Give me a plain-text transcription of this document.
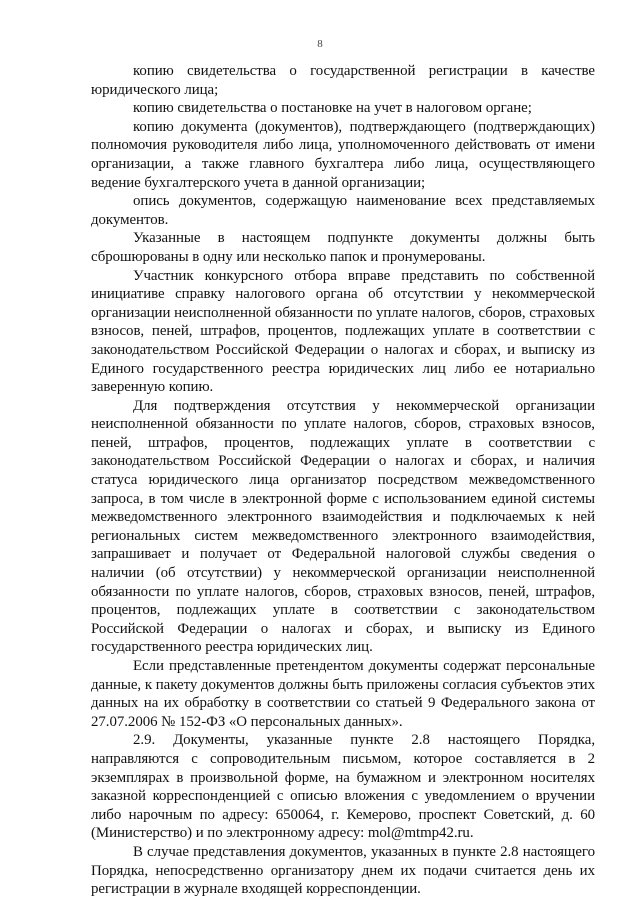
8

копию свидетельства о государственной регистрации в качестве юридического лица;

копию свидетельства о постановке на учет в налоговом органе;

копию документа (документов), подтверждающего (подтверждающих) полномочия руководителя либо лица, уполномоченного действовать от имени организации, а также главного бухгалтера либо лица, осуществляющего ведение бухгалтерского учета в данной организации;

опись документов, содержащую наименование всех представляемых документов.

Указанные в настоящем подпункте документы должны быть сброшюрованы в одну или несколько папок и пронумерованы.

Участник конкурсного отбора вправе представить по собственной инициативе справку налогового органа об отсутствии у некоммерческой организации неисполненной обязанности по уплате налогов, сборов, страховых взносов, пеней, штрафов, процентов, подлежащих уплате в соответствии с законодательством Российской Федерации о налогах и сборах, и выписку из Единого государственного реестра юридических лиц либо ее нотариально заверенную копию.

Для подтверждения отсутствия у некоммерческой организации неисполненной обязанности по уплате налогов, сборов, страховых взносов, пеней, штрафов, процентов, подлежащих уплате в соответствии с законодательством Российской Федерации о налогах и сборах, и наличия статуса юридического лица организатор посредством межведомственного запроса, в том числе в электронной форме с использованием единой системы межведомственного электронного взаимодействия и подключаемых к ней региональных систем межведомственного электронного взаимодействия, запрашивает и получает от Федеральной налоговой службы сведения о наличии (об отсутствии) у некоммерческой организации неисполненной обязанности по уплате налогов, сборов, страховых взносов, пеней, штрафов, процентов, подлежащих уплате в соответствии с законодательством Российской Федерации о налогах и сборах, и выписку из Единого государственного реестра юридических лиц.

Если представленные претендентом документы содержат персональные данные, к пакету документов должны быть приложены согласия субъектов этих данных на их обработку в соответствии со статьей 9 Федерального закона от 27.07.2006 № 152-ФЗ «О персональных данных».

2.9. Документы, указанные пункте 2.8 настоящего Порядка, направляются с сопроводительным письмом, которое составляется в 2 экземплярах в произвольной форме, на бумажном и электронном носителях заказной корреспонденцией с описью вложения с уведомлением о вручении либо нарочным по адресу: 650064, г. Кемерово, проспект Советский, д. 60 (Министерство) и по электронному адресу: mol@mtmp42.ru.

В случае представления документов, указанных в пункте 2.8 настоящего Порядка, непосредственно организатору днем их подачи считается день их регистрации в журнале входящей корреспонденции.
